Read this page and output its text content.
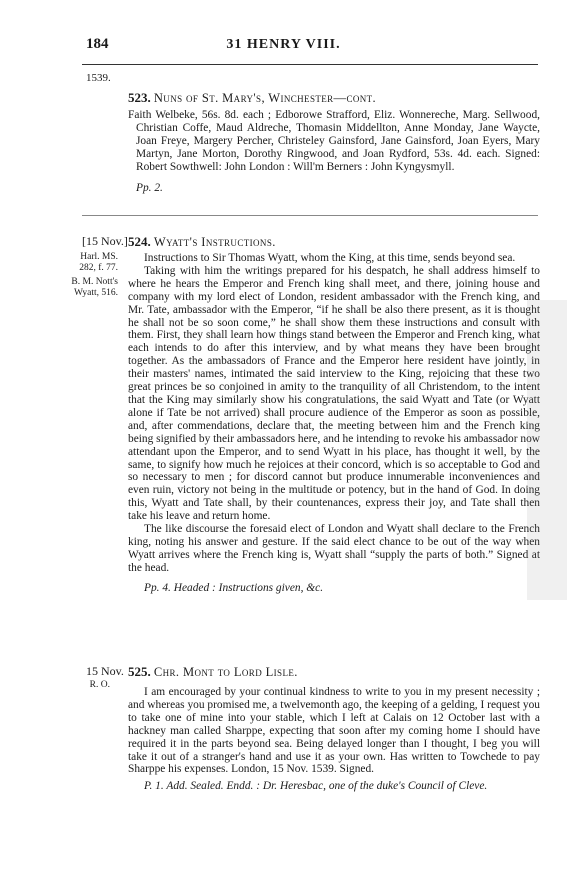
184	31 HENRY VIII.
1539.
523. Nuns of St. Mary's, Winchester—cont.

Faith Welbeke, 56s. 8d. each ; Edborowe Strafford, Eliz. Wonnereche, Marg. Sellwood, Christian Coffe, Maud Aldreche, Thomasin Middellton, Anne Monday, Jane Waycte, Joan Freye, Margery Percher, Christeley Gainsford, Jane Gainsford, Joan Eyers, Mary Martyn, Jane Morton, Dorothy Ringwood, and Joan Rydford, 53s. 4d. each. Signed: Robert Sowthwell: John London : Will'm Berners : John Kyngysmyll.

Pp. 2.

[15 Nov.] 524. Wyatt's Instructions.
Harl. MS. 282, f. 77.
B. M. Nott's Wyatt, 516.

Instructions to Sir Thomas Wyatt, whom the King, at this time, sends beyond sea.

Taking with him the writings prepared for his despatch, he shall address himself to where he hears the Emperor and French king shall meet, and there, joining house and company with my lord elect of London, resident ambassador with the French king, and Mr. Tate, ambassador with the Emperor, “if he shall be also there present, as it is thought he shall not be so soon come,” he shall show them these instructions and consult with them. First, they shall learn how things stand between the Emperor and French king, what each intends to do after this interview, and by what means they have been brought together. As the ambassadors of France and the Emperor here resident have jointly, in their masters' names, intimated the said interview to the King, rejoicing that these two great princes be so conjoined in amity to the tranquility of all Christendom, to the intent that the King may similarly show his congratulations, the said Wyatt and Tate (or Wyatt alone if Tate be not arrived) shall procure audience of the Emperor as soon as possible, and, after commendations, declare that, the meeting between him and the French king being signified by their ambassadors here, and he intending to revoke his ambassador now attendant upon the Emperor, and to send Wyatt in his place, has thought it well, by the same, to signify how much he rejoices at their concord, which is so acceptable to God and so necessary to men ; for discord cannot but produce innumerable inconveniences and even ruin, victory not being in the multitude or potency, but in the hand of God. In doing this, Wyatt and Tate shall, by their countenances, express their joy, and Tate shall then take his leave and return home.

The like discourse the foresaid elect of London and Wyatt shall declare to the French king, noting his answer and gesture. If the said elect chance to be out of the way when Wyatt arrives where the French king is, Wyatt shall “supply the parts of both.” Signed at the head.

Pp. 4. Headed : Instructions given, &c.

15 Nov.
R. O.
525. Chr. Mont to Lord Lisle.

I am encouraged by your continual kindness to write to you in my present necessity ; and whereas you promised me, a twelvemonth ago, the keeping of a gelding, I request you to take one of mine into your stable, which I left at Calais on 12 October last with a hackney man called Sharppe, expecting that soon after my coming home I should have required it in the parts beyond sea. Being delayed longer than I thought, I beg you will take it out of a stranger's hand and use it as your own. Has written to Towchede to pay Sharppe his expenses. London, 15 Nov. 1539. Signed.

P. 1. Add. Sealed. Endd. : Dr. Heresbac, one of the duke's Council of Cleve.
